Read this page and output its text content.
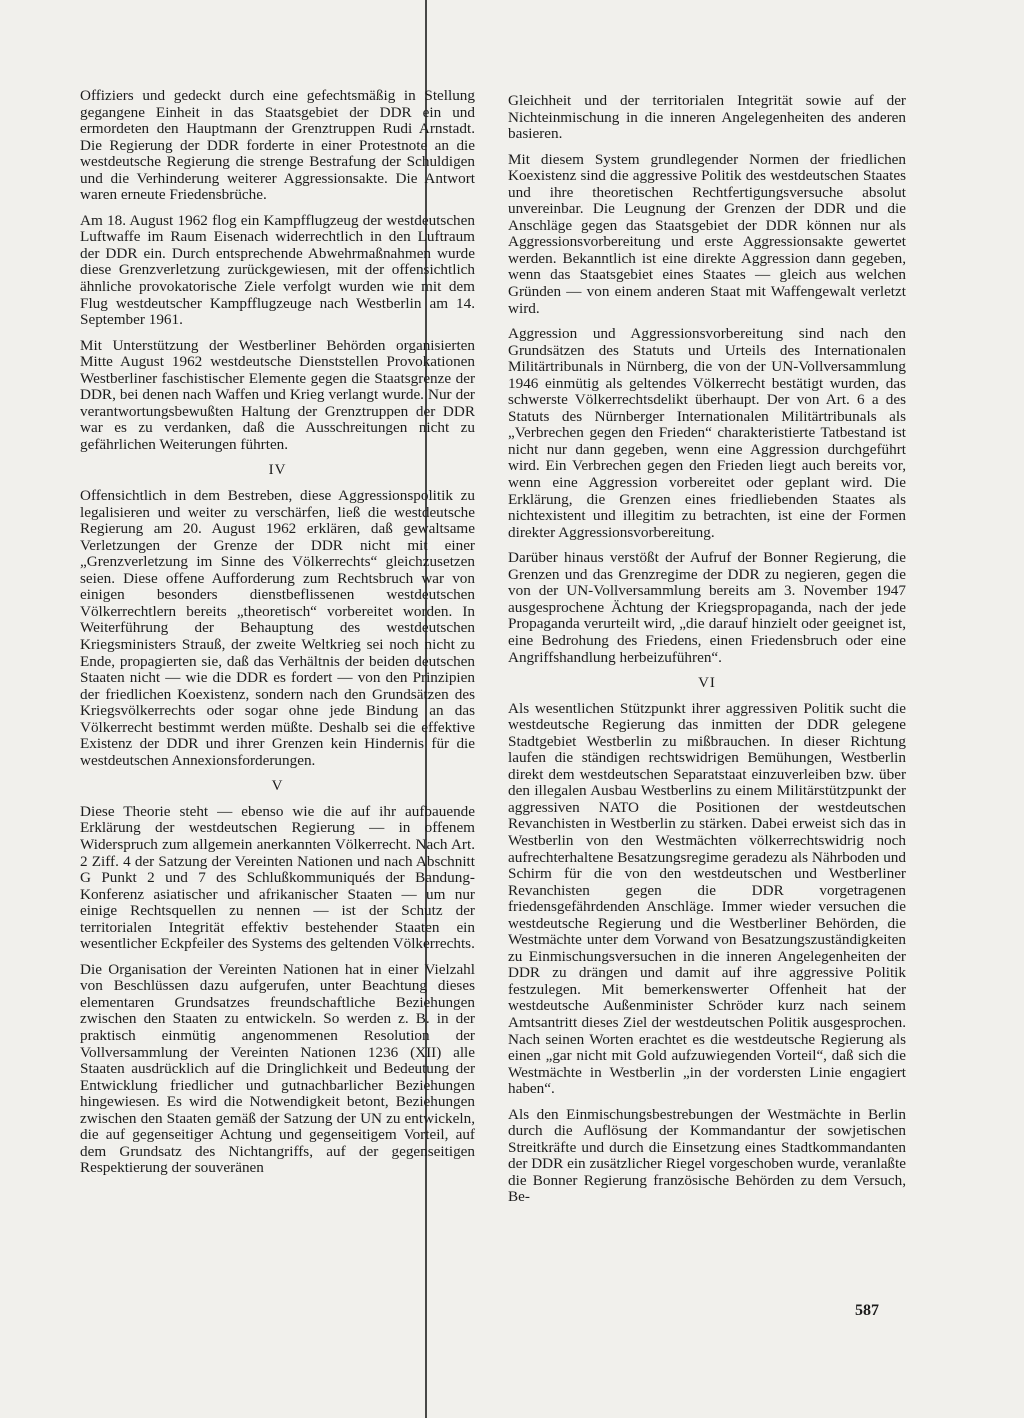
Offiziers und gedeckt durch eine gefechtsmäßig in Stellung gegangene Einheit in das Staatsgebiet der DDR ein und ermordeten den Hauptmann der Grenztruppen Rudi Arnstadt. Die Regierung der DDR forderte in einer Protestnote an die westdeutsche Regierung die strenge Bestrafung der Schuldigen und die Verhinderung weiterer Aggressionsakte. Die Antwort waren erneute Friedensbrüche.

Am 18. August 1962 flog ein Kampfflugzeug der westdeutschen Luftwaffe im Raum Eisenach widerrechtlich in den Luftraum der DDR ein. Durch entsprechende Abwehrmaßnahmen wurde diese Grenzverletzung zurückgewiesen, mit der offensichtlich ähnliche provokatorische Ziele verfolgt wurden wie mit dem Flug westdeutscher Kampfflugzeuge nach Westberlin am 14. September 1961.

Mit Unterstützung der Westberliner Behörden organisierten Mitte August 1962 westdeutsche Dienststellen Provokationen Westberliner faschistischer Elemente gegen die Staatsgrenze der DDR, bei denen nach Waffen und Krieg verlangt wurde. Nur der verantwortungsbewußten Haltung der Grenztruppen der DDR war es zu verdanken, daß die Ausschreitungen nicht zu gefährlichen Weiterungen führten.

IV

Offensichtlich in dem Bestreben, diese Aggressionspolitik zu legalisieren und weiter zu verschärfen, ließ die westdeutsche Regierung am 20. August 1962 erklären, daß gewaltsame Verletzungen der Grenze der DDR nicht mit einer „Grenzverletzung im Sinne des Völkerrechts“ gleichzusetzen seien. Diese offene Aufforderung zum Rechtsbruch war von einigen besonders dienstbeflissenen westdeutschen Völkerrechtlern bereits „theoretisch“ vorbereitet worden. In Weiterführung der Behauptung des westdeutschen Kriegsministers Strauß, der zweite Weltkrieg sei noch nicht zu Ende, propagierten sie, daß das Verhältnis der beiden deutschen Staaten nicht — wie die DDR es fordert — von den Prinzipien der friedlichen Koexistenz, sondern nach den Grundsätzen des Kriegsvölkerrechts oder sogar ohne jede Bindung an das Völkerrecht bestimmt werden müßte. Deshalb sei die effektive Existenz der DDR und ihrer Grenzen kein Hindernis für die westdeutschen Annexionsforderungen.

V

Diese Theorie steht — ebenso wie die auf ihr aufbauende Erklärung der westdeutschen Regierung — in offenem Widerspruch zum allgemein anerkannten Völkerrecht. Nach Art. 2 Ziff. 4 der Satzung der Vereinten Nationen und nach Abschnitt G Punkt 2 und 7 des Schlußkommuniqués der Bandung-Konferenz asiatischer und afrikanischer Staaten — um nur einige Rechtsquellen zu nennen — ist der Schutz der territorialen Integrität effektiv bestehender Staaten ein wesentlicher Eckpfeiler des Systems des geltenden Völkerrechts.

Die Organisation der Vereinten Nationen hat in einer Vielzahl von Beschlüssen dazu aufgerufen, unter Beachtung dieses elementaren Grundsatzes freundschaftliche Beziehungen zwischen den Staaten zu entwickeln. So werden z. B. in der praktisch einmütig angenommenen Resolution der Vollversammlung der Vereinten Nationen 1236 (XII) alle Staaten ausdrücklich auf die Dringlichkeit und Bedeutung der Entwicklung friedlicher und gutnachbarlicher Beziehungen hingewiesen. Es wird die Notwendigkeit betont, Beziehungen zwischen den Staaten gemäß der Satzung der UN zu entwickeln, die auf gegenseitiger Achtung und gegenseitigem Vorteil, auf dem Grundsatz des Nichtangriffs, auf der gegenseitigen Respektierung der souveränen

Gleichheit und der territorialen Integrität sowie auf der Nichteinmischung in die inneren Angelegenheiten des anderen basieren.

Mit diesem System grundlegender Normen der friedlichen Koexistenz sind die aggressive Politik des westdeutschen Staates und ihre theoretischen Rechtfertigungsversuche absolut unvereinbar. Die Leugnung der Grenzen der DDR und die Anschläge gegen das Staatsgebiet der DDR können nur als Aggressionsvorbereitung und erste Aggressionsakte gewertet werden. Bekanntlich ist eine direkte Aggression dann gegeben, wenn das Staatsgebiet eines Staates — gleich aus welchen Gründen — von einem anderen Staat mit Waffengewalt verletzt wird.

Aggression und Aggressionsvorbereitung sind nach den Grundsätzen des Statuts und Urteils des Internationalen Militärtribunals in Nürnberg, die von der UN-Vollversammlung 1946 einmütig als geltendes Völkerrecht bestätigt wurden, das schwerste Völkerrechtsdelikt überhaupt. Der von Art. 6 a des Statuts des Nürnberger Internationalen Militärtribunals als „Verbrechen gegen den Frieden“ charakteristierte Tatbestand ist nicht nur dann gegeben, wenn eine Aggression durchgeführt wird. Ein Verbrechen gegen den Frieden liegt auch bereits vor, wenn eine Aggression vorbereitet oder geplant wird. Die Erklärung, die Grenzen eines friedliebenden Staates als nichtexistent und illegitim zu betrachten, ist eine der Formen direkter Aggressionsvorbereitung.

Darüber hinaus verstößt der Aufruf der Bonner Regierung, die Grenzen und das Grenzregime der DDR zu negieren, gegen die von der UN-Vollversammlung bereits am 3. November 1947 ausgesprochene Ächtung der Kriegspropaganda, nach der jede Propaganda verurteilt wird, „die darauf hinzielt oder geeignet ist, eine Bedrohung des Friedens, einen Friedensbruch oder eine Angriffshandlung herbeizuführen“.

VI

Als wesentlichen Stützpunkt ihrer aggressiven Politik sucht die westdeutsche Regierung das inmitten der DDR gelegene Stadtgebiet Westberlin zu mißbrauchen. In dieser Richtung laufen die ständigen rechtswidrigen Bemühungen, Westberlin direkt dem westdeutschen Separatstaat einzuverleiben bzw. über den illegalen Ausbau Westberlins zu einem Militärstützpunkt der aggressiven NATO die Positionen der westdeutschen Revanchisten in Westberlin zu stärken. Dabei erweist sich das in Westberlin von den Westmächten völkerrechtswidrig noch aufrechterhaltene Besatzungsregime geradezu als Nährboden und Schirm für die von den westdeutschen und Westberliner Revanchisten gegen die DDR vorgetragenen friedensgefährdenden Anschläge. Immer wieder versuchen die westdeutsche Regierung und die Westberliner Behörden, die Westmächte unter dem Vorwand von Besatzungszuständigkeiten zu Einmischungsversuchen in die inneren Angelegenheiten der DDR zu drängen und damit auf ihre aggressive Politik festzulegen. Mit bemerkenswerter Offenheit hat der westdeutsche Außenminister Schröder kurz nach seinem Amtsantritt dieses Ziel der westdeutschen Politik ausgesprochen. Nach seinen Worten erachtet es die westdeutsche Regierung als einen „gar nicht mit Gold aufzuwiegenden Vorteil“, daß sich die Westmächte in Westberlin „in der vordersten Linie engagiert haben“.

Als den Einmischungsbestrebungen der Westmächte in Berlin durch die Auflösung der Kommandantur der sowjetischen Streitkräfte und durch die Einsetzung eines Stadtkommandanten der DDR ein zusätzlicher Riegel vorgeschoben wurde, veranlaßte die Bonner Regierung französische Behörden zu dem Versuch, Be-

587
